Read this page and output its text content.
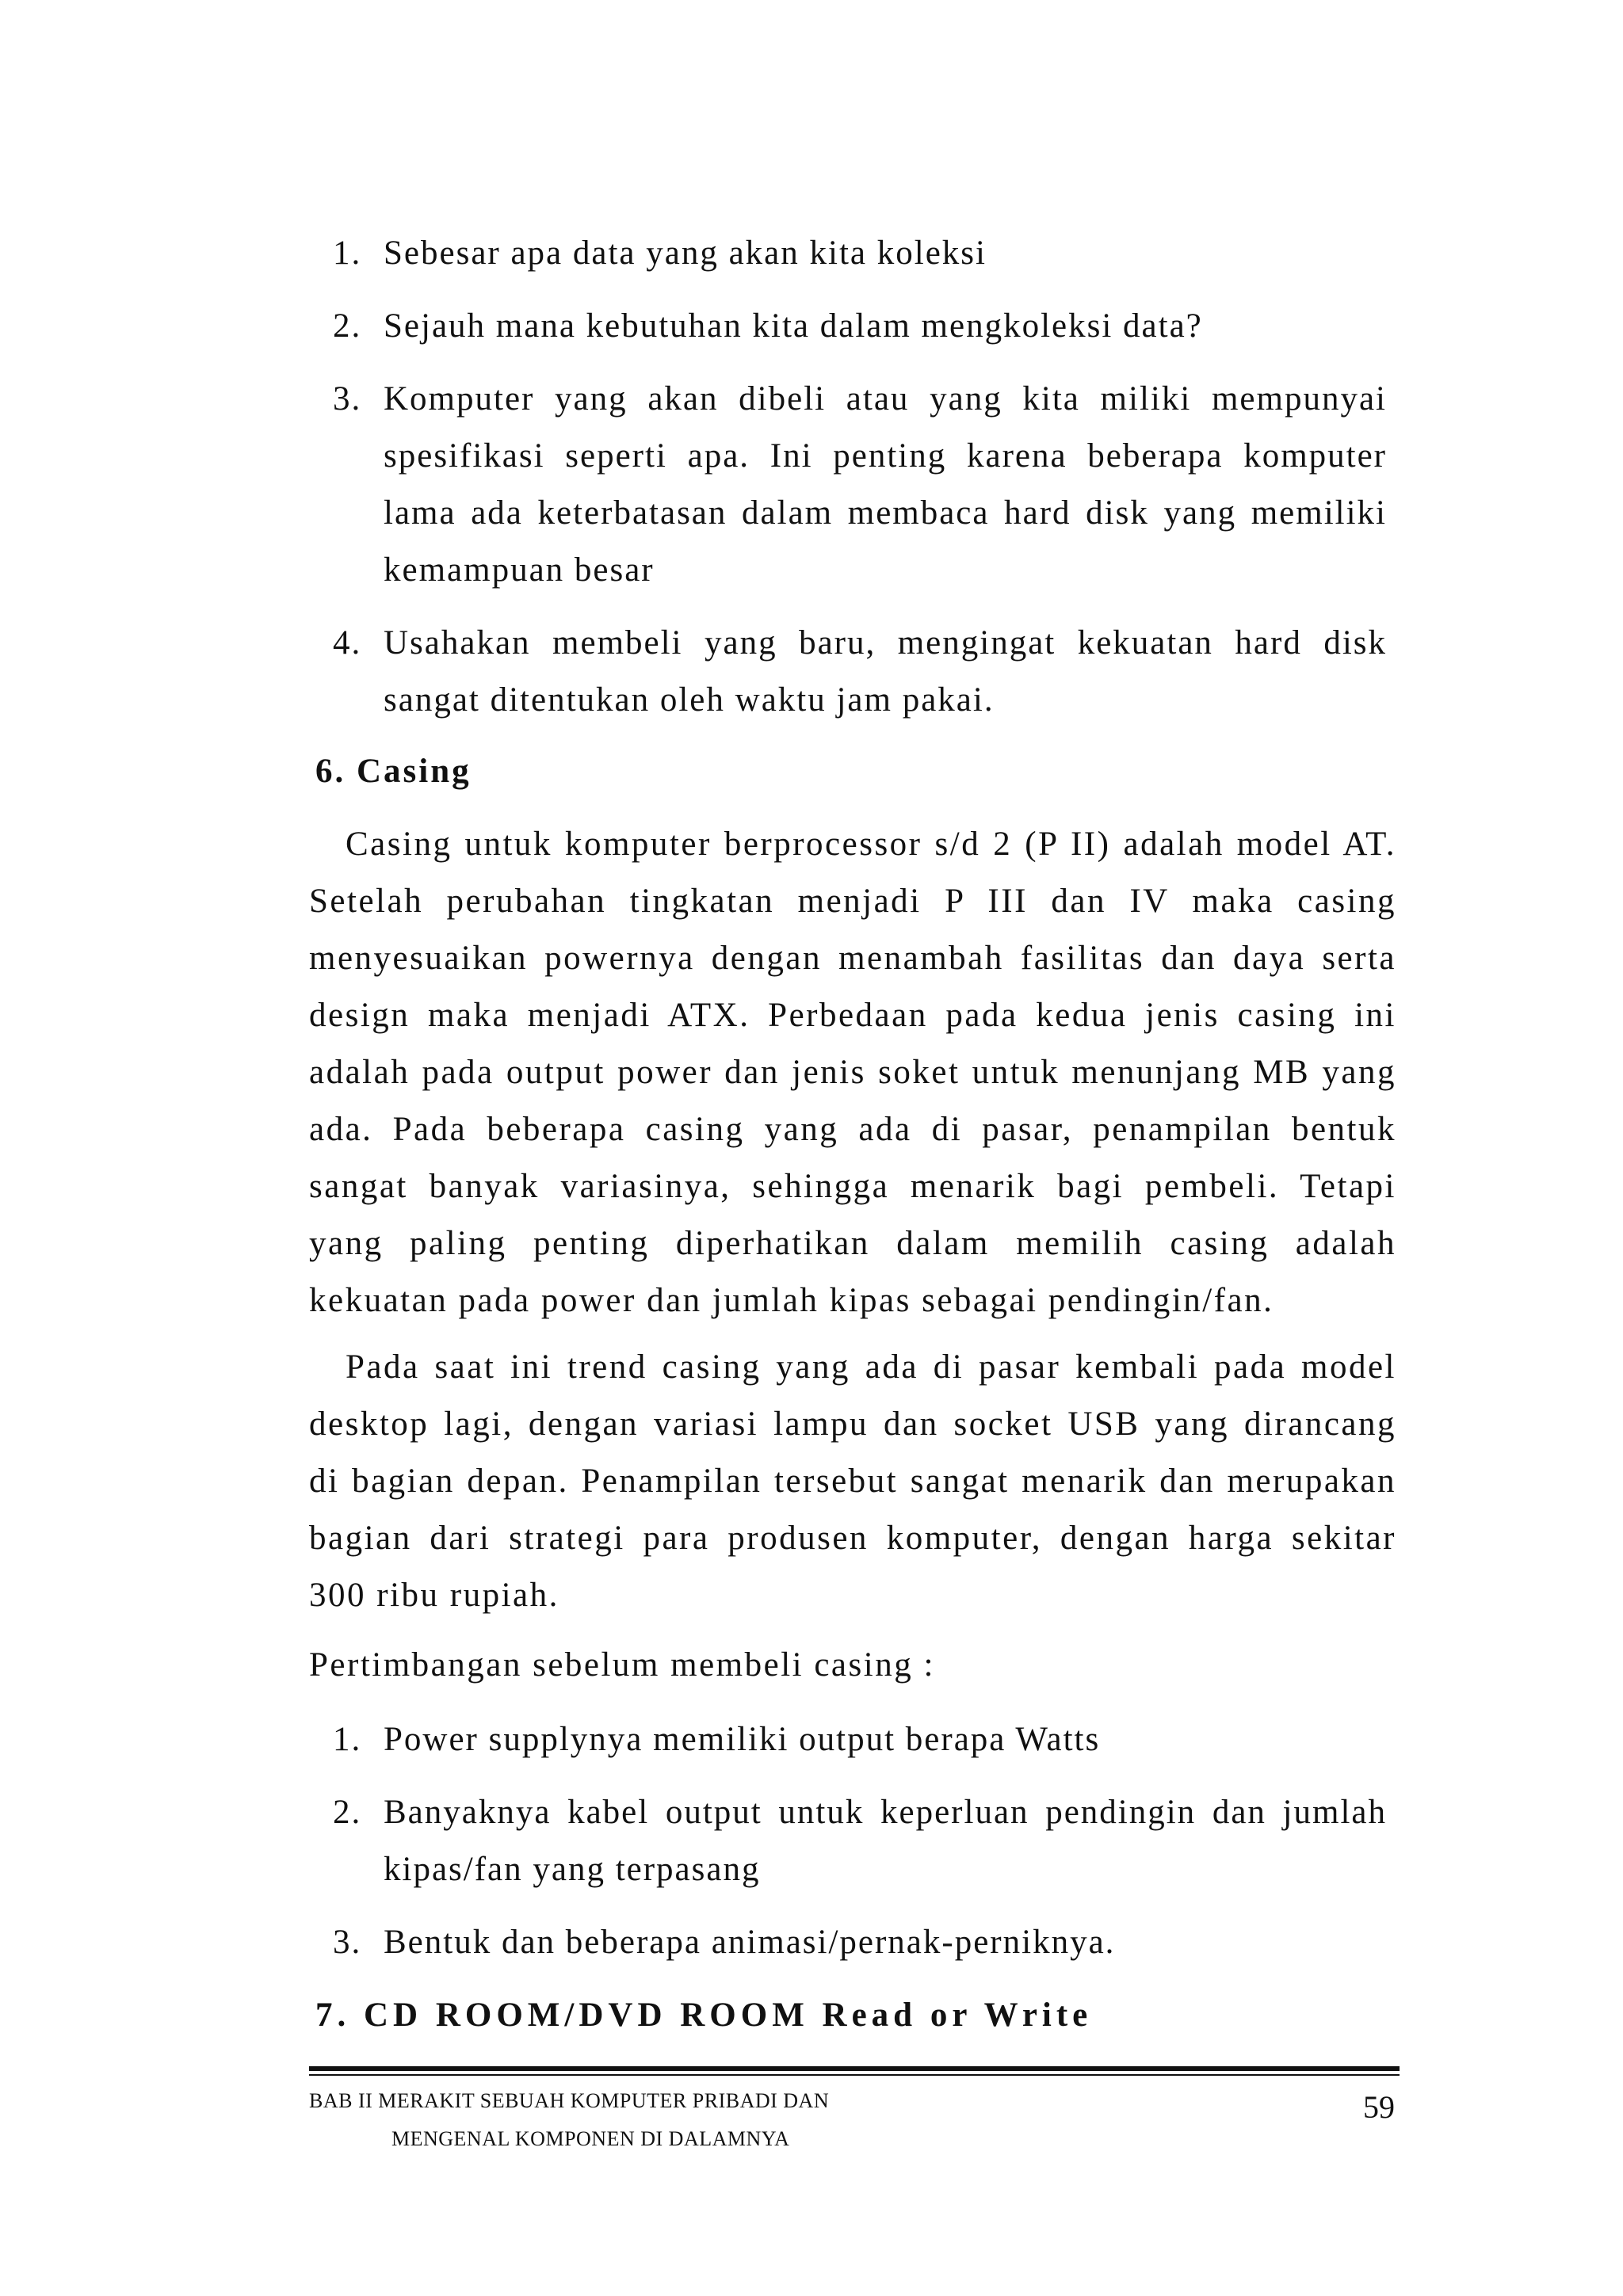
1. Sebesar apa data yang akan kita koleksi
2. Sejauh mana kebutuhan kita dalam mengkoleksi data?
3. Komputer yang akan dibeli atau yang kita miliki mempunyai spesifikasi seperti apa. Ini penting karena beberapa komputer lama ada keterbatasan dalam membaca hard disk yang memiliki kemampuan besar
4. Usahakan membeli yang baru, mengingat kekuatan hard disk sangat ditentukan oleh waktu jam pakai.
6. Casing

Casing untuk komputer berprocessor s/d 2 (P II) adalah model AT. Setelah perubahan tingkatan menjadi P III dan IV maka casing menyesuaikan powernya dengan menambah fasilitas dan daya serta design maka menjadi ATX. Perbedaan pada kedua jenis casing ini adalah pada output power dan jenis soket untuk menunjang MB yang ada. Pada beberapa casing yang ada di pasar, penampilan bentuk sangat banyak variasinya, sehingga menarik bagi pembeli. Tetapi yang paling penting diperhatikan dalam memilih casing adalah kekuatan pada power dan jumlah kipas sebagai pendingin/fan.

Pada saat ini trend casing yang ada di pasar kembali pada model desktop lagi, dengan variasi lampu dan socket USB yang dirancang di bagian depan. Penampilan tersebut sangat menarik dan merupakan bagian dari strategi para produsen komputer, dengan harga sekitar 300 ribu rupiah.

Pertimbangan sebelum membeli casing :

1. Power supplynya memiliki output berapa Watts
2. Banyaknya kabel output untuk keperluan pendingin dan jumlah kipas/fan yang terpasang
3. Bentuk dan beberapa animasi/pernak-perniknya.
7. CD ROOM/DVD ROOM Read or Write
BAB II MERAKIT SEBUAH KOMPUTER PRIBADI DAN
MENGENAL KOMPONEN DI DALAMNYA
59
